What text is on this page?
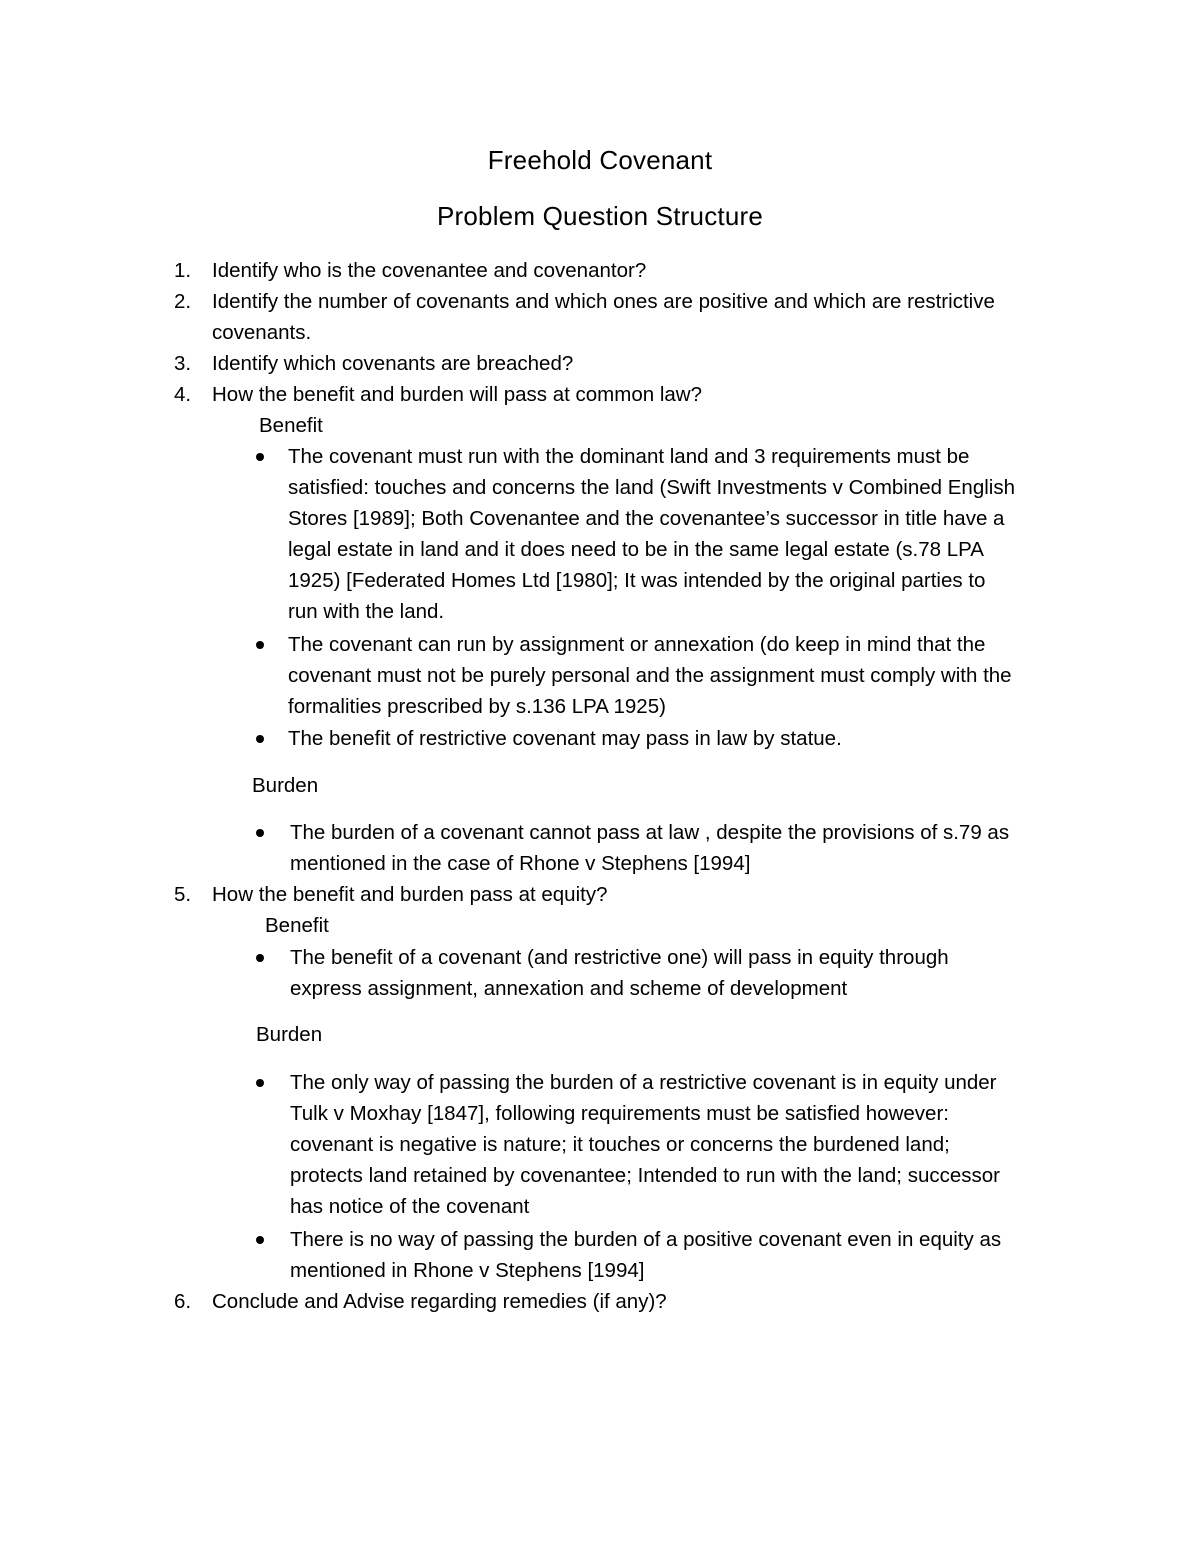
Freehold Covenant
Problem Question Structure
1. Identify who is the covenantee and covenantor?
2. Identify the number of covenants and which ones are positive and which are restrictive
covenants.
3. Identify which covenants are breached?
4. How the benefit and burden will pass at common law?
Benefit
The covenant must run with the dominant land and 3 requirements must be
satisfied: touches and concerns the land (Swift Investments v Combined English
Stores [1989]; Both Covenantee and the covenantee’s successor in title have a
legal estate in land and it does need to be in the same legal estate (s.78 LPA
1925) [Federated Homes Ltd [1980]; It was intended by the original parties to
run with the land.
The covenant can run by assignment or annexation (do keep in mind that the
covenant must not be purely personal and the assignment must comply with the
formalities prescribed by s.136 LPA 1925)
The benefit of restrictive covenant may pass in law by statue.
Burden
The burden of a covenant cannot pass at law , despite the provisions of s.79 as
mentioned in the case of Rhone v Stephens [1994]
5. How the benefit and burden pass at equity?
Benefit
The benefit of a covenant (and restrictive one) will pass in equity through
express assignment, annexation and scheme of development
Burden
The only way of passing the burden of a restrictive covenant is in equity under
Tulk v Moxhay [1847], following requirements must be satisfied however:
covenant is negative is nature; it touches or concerns the burdened land;
protects land retained by covenantee; Intended to run with the land; successor
has notice of the covenant
There is no way of passing the burden of a positive covenant even in equity as
mentioned in Rhone v Stephens [1994]
6. Conclude and Advise regarding remedies (if any)?
